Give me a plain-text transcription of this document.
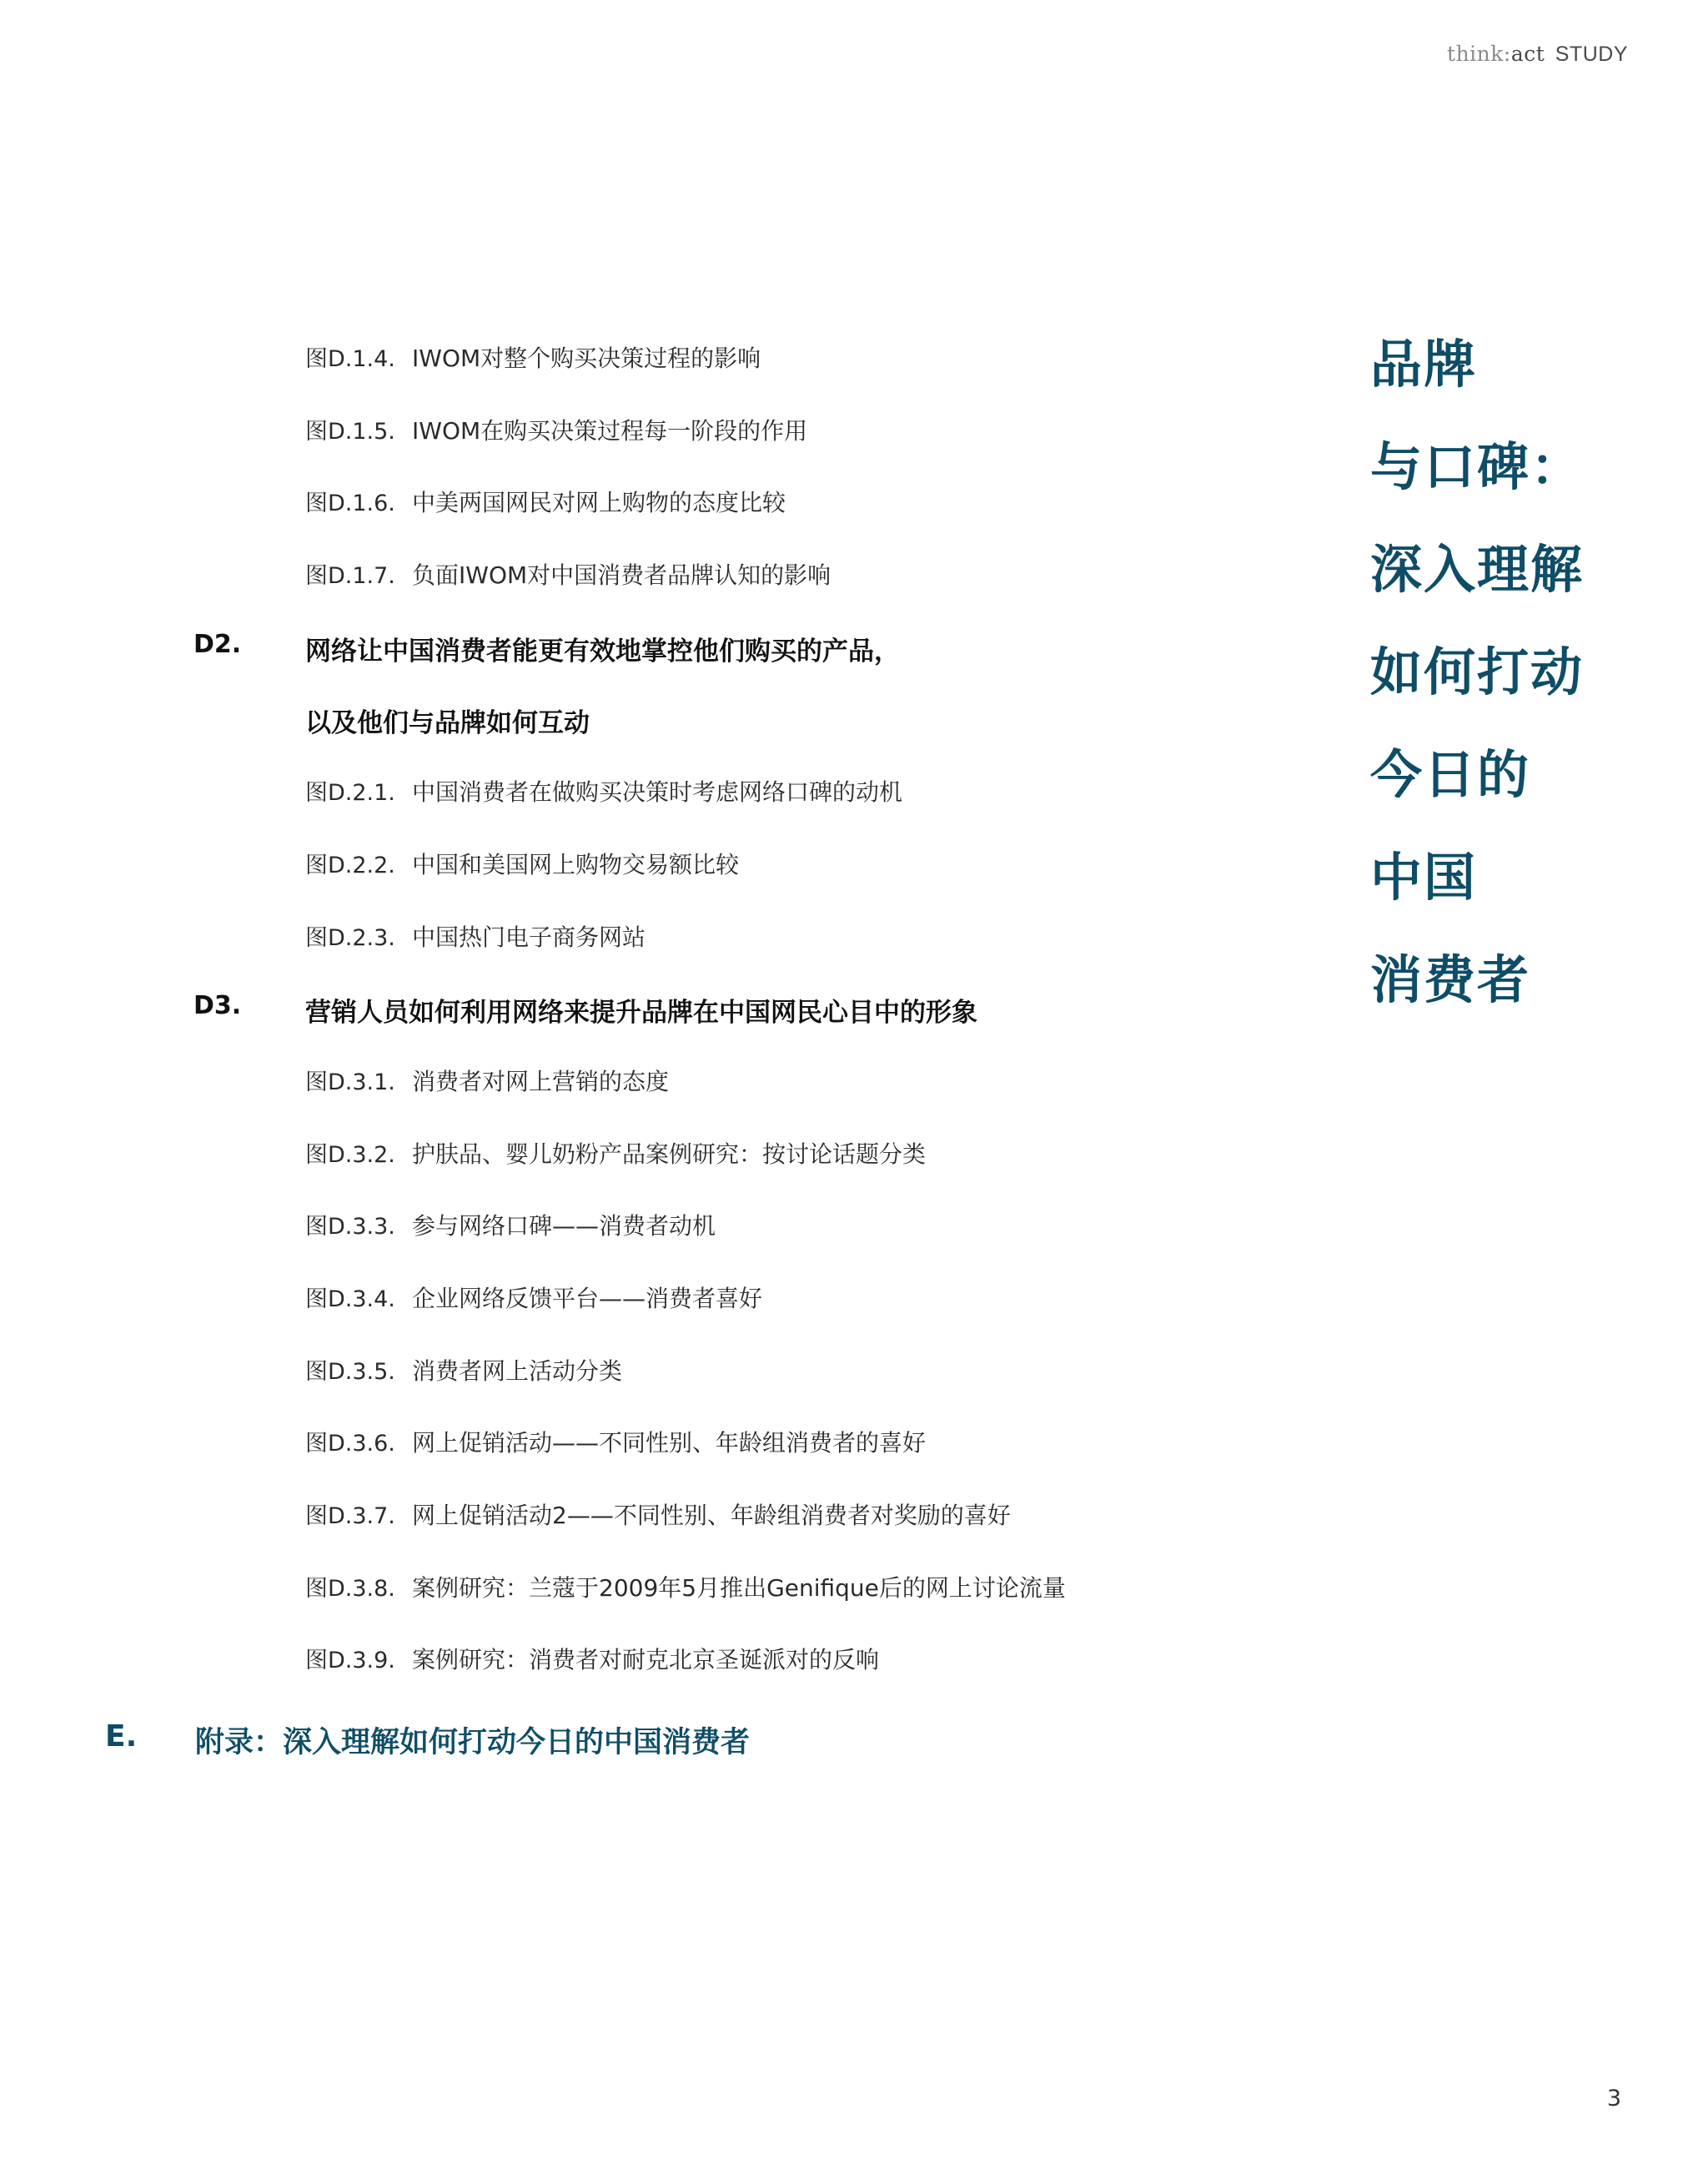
think:act STUDY
图D.1.4. IWOM对整个购买决策过程的影响
图D.1.5. IWOM在购买决策过程每一阶段的作用
图D.1.6. 中美两国网民对网上购物的态度比较
图D.1.7. 负面IWOM对中国消费者品牌认知的影响
D2. 网络让中国消费者能更有效地掌控他们购买的产品，
以及他们与品牌如何互动
图D.2.1. 中国消费者在做购买决策时考虑网络口碑的动机
图D.2.2. 中国和美国网上购物交易额比较
图D.2.3. 中国热门电子商务网站
D3. 营销人员如何利用网络来提升品牌在中国网民心目中的形象
图D.3.1. 消费者对网上营销的态度
图D.3.2. 护肤品、婴儿奶粉产品案例研究：按讨论话题分类
图D.3.3. 参与网络口碑——消费者动机
图D.3.4. 企业网络反馈平台——消费者喜好
图D.3.5. 消费者网上活动分类
图D.3.6. 网上促销活动——不同性别、年龄组消费者的喜好
图D.3.7. 网上促销活动2——不同性别、年龄组消费者对奖励的喜好
图D.3.8. 案例研究：兰蔻于2009年5月推出Genifique后的网上讨论流量
图D.3.9. 案例研究：消费者对耐克北京圣诞派对的反响
E. 附录：深入理解如何打动今日的中国消费者
品牌
与口碑：
深入理解
如何打动
今日的
中国
消费者
3
